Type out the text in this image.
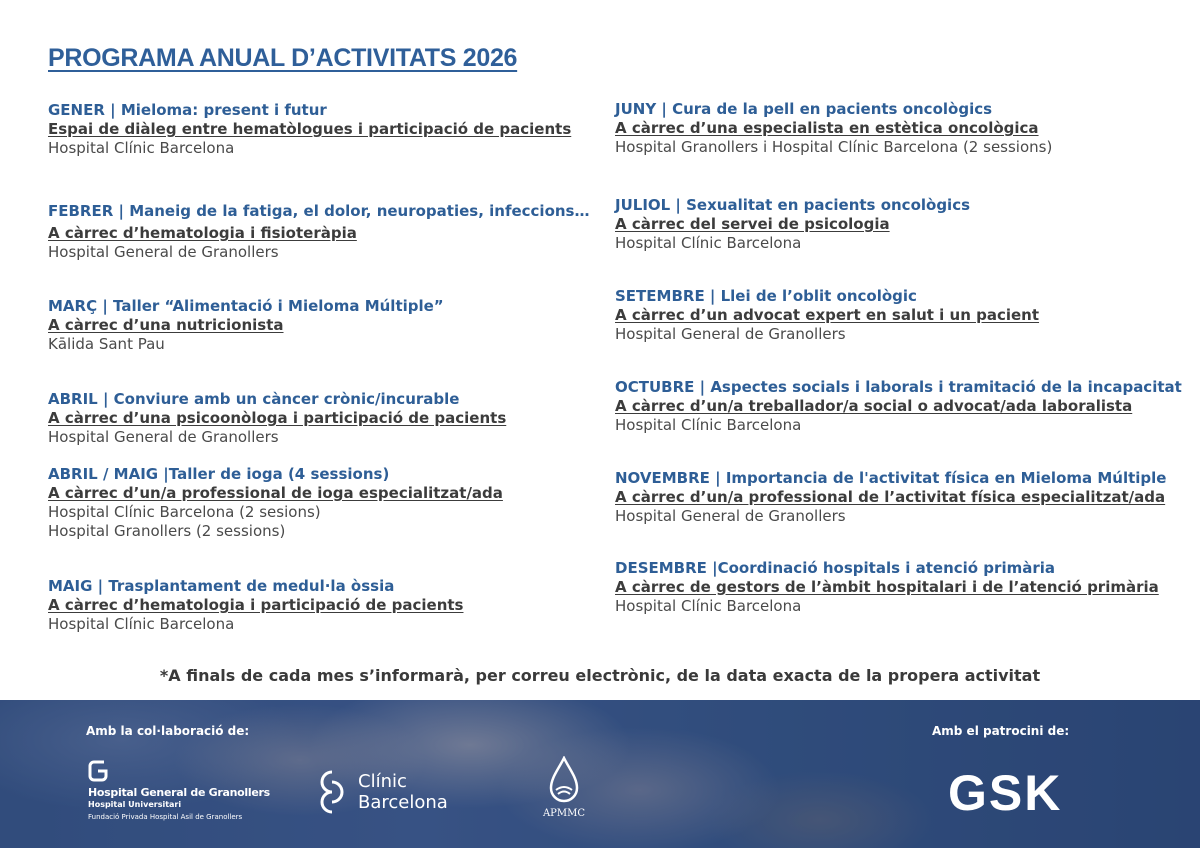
PROGRAMA ANUAL D’ACTIVITATS 2026
GENER | Mieloma: present i futur
Espai de diàleg entre hematòlogues i participació de pacients
Hospital Clínic Barcelona
FEBRER | Maneig de la fatiga, el dolor, neuropaties, infeccions…
A càrrec d’hematologia i fisioteràpia
Hospital General de Granollers
MARÇ | Taller “Alimentació i Mieloma Múltiple”
A càrrec d’una nutricionista
Kālida Sant Pau
ABRIL | Conviure amb un càncer crònic/incurable
A càrrec d’una psicoonòloga i participació de pacients
Hospital General de Granollers
ABRIL / MAIG |Taller de ioga (4 sessions)
A càrrec d’un/a professional de ioga especialitzat/ada
Hospital Clínic Barcelona (2 sesions)
Hospital Granollers (2 sessions)
MAIG | Trasplantament de medul·la òssia
A càrrec d’hematologia i participació de pacients
Hospital Clínic Barcelona
JUNY | Cura de la pell en pacients oncològics
A càrrec d’una especialista en estètica oncològica
Hospital Granollers i Hospital Clínic Barcelona (2 sessions)
JULIOL | Sexualitat en pacients oncològics
A càrrec del servei de psicologia
Hospital Clínic Barcelona
SETEMBRE | Llei de l’oblit oncològic
A càrrec d’un advocat expert en salut i un pacient
Hospital General de Granollers
OCTUBRE | Aspectes socials i laborals i tramitació de la incapacitat
A càrrec d’un/a treballador/a social o advocat/ada laboralista
Hospital Clínic Barcelona
NOVEMBRE | Importancia de l'activitat física en Mieloma Múltiple
A càrrec d’un/a professional de l’activitat física especialitzat/ada
Hospital General de Granollers
DESEMBRE |Coordinació hospitals i atenció primària
A càrrec de gestors de l’àmbit hospitalari i de l’atenció primària
Hospital Clínic Barcelona
*A finals de cada mes s’informarà, per correu electrònic, de la data exacta de la propera activitat
Amb la col·laboració de:	Amb el patrocini de:
Hospital General de Granollers
Hospital Universitari
Fundació Privada Hospital Asil de Granollers
Clínic
Barcelona
APMMC	GSK
